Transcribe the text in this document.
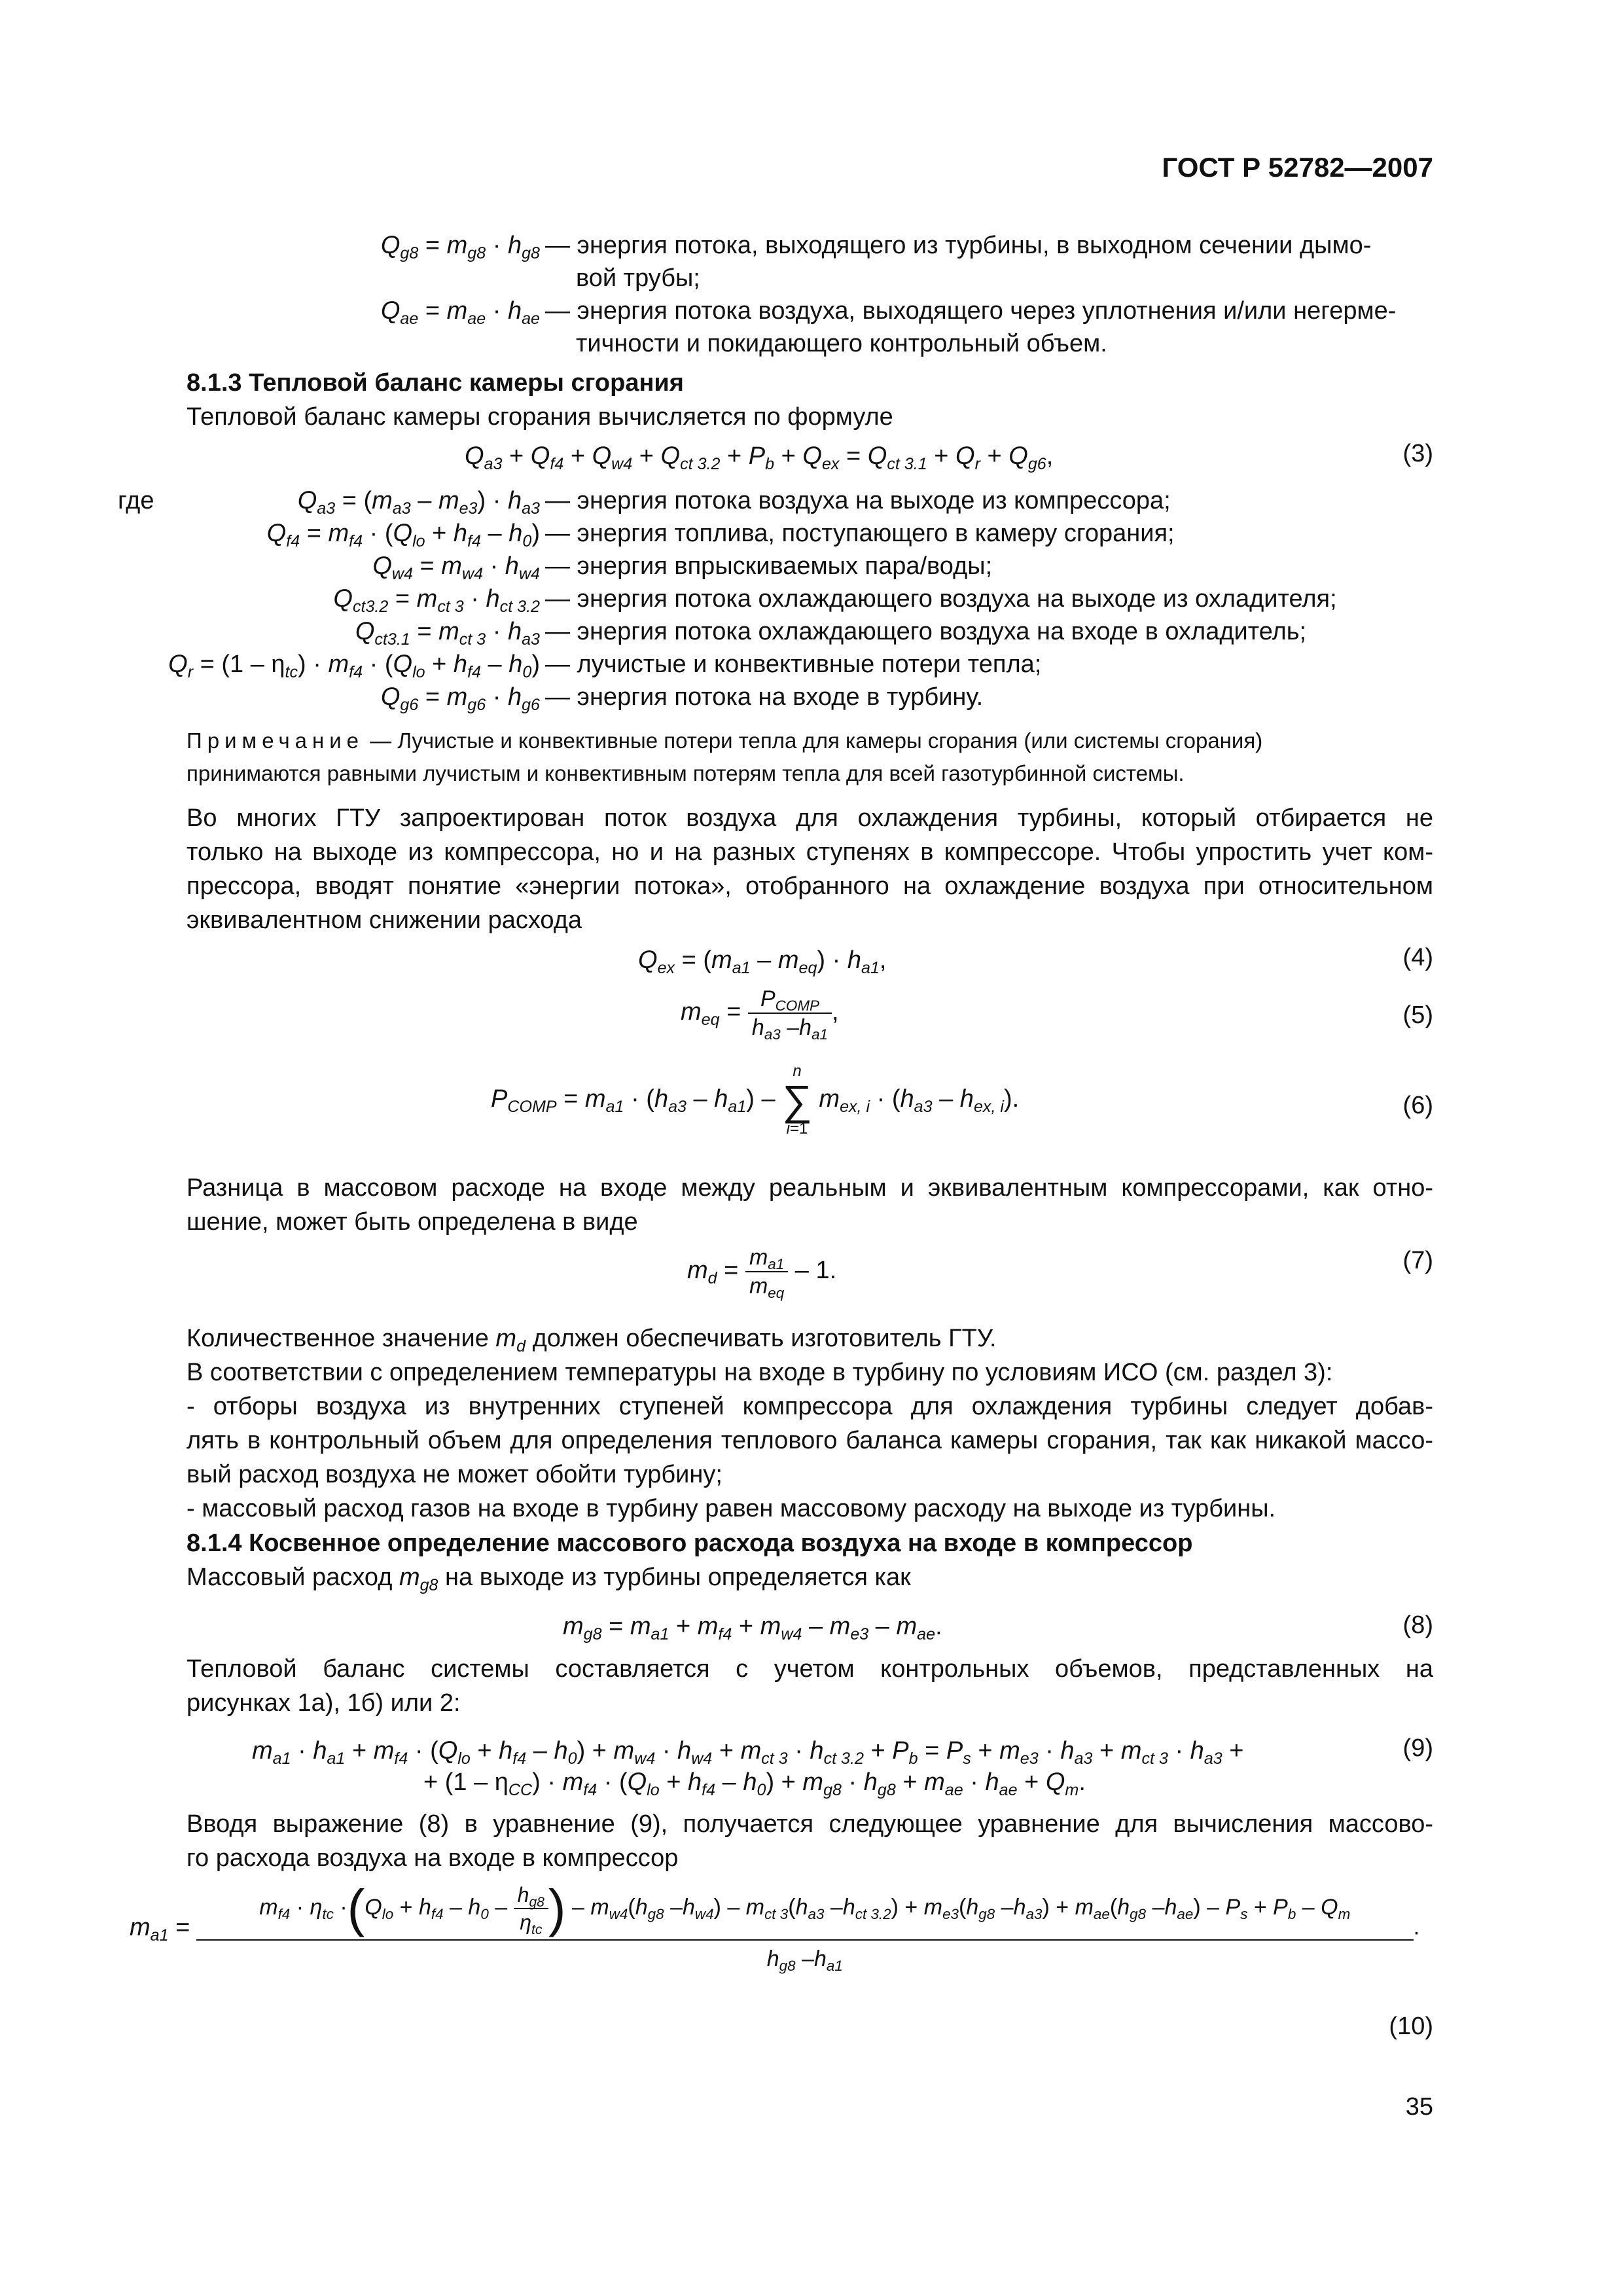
ГОСТ Р 52782—2007
$Q_{g8} = m_{g8} \cdot h_{g8}$ — энергия потока, выходящего из турбины, в выходном сечении дымо-
вой трубы;
$Q_{ae} = m_{ae} \cdot h_{ae}$ — энергия потока воздуха, выходящего через уплотнения и/или негерме-
тичности и покидающего контрольный объем.
8.1.3 Тепловой баланс камеры сгорания
Тепловой баланс камеры сгорания вычисляется по формуле
$Q_{a3} + Q_{f4} + Q_{w4} + Q_{ct 3.2} + P_b + Q_{ex} = Q_{ct 3.1} + Q_r + Q_{g6}$,	(3)
где	$Q_{a3} = (m_{a3} - m_{e3}) \cdot h_{a3}$ — энергия потока воздуха на выходе из компрессора;
$Q_{f4} = m_{f4} \cdot (Q_{lo} + h_{f4} - h_0)$ — энергия топлива, поступающего в камеру сгорания;
$Q_{w4} = m_{w4} \cdot h_{w4}$ — энергия впрыскиваемых пара/воды;
$Q_{ct3.2} = m_{ct 3} \cdot h_{ct 3.2}$ — энергия потока охлаждающего воздуха на выходе из охладителя;
$Q_{ct3.1} = m_{ct 3} \cdot h_{a3}$ — энергия потока охлаждающего воздуха на входе в охладитель;
$Q_r = (1 - \eta_{tc}) \cdot m_{f4} \cdot (Q_{lo} + h_{f4} - h_0)$ — лучистые и конвективные потери тепла;
$Q_{g6} = m_{g6} \cdot h_{g6}$ — энергия потока на входе в турбину.
Примечание — Лучистые и конвективные потери тепла для камеры сгорания (или системы сгорания)
принимаются равными лучистым и конвективным потерям тепла для всей газотурбинной системы.
Во многих ГТУ запроектирован поток воздуха для охлаждения турбины, который отбирается не
только на выходе из компрессора, но и на разных ступенях в компрессоре. Чтобы упростить учет ком-
прессора, вводят понятие «энергии потока», отобранного на охлаждение воздуха при относительном
эквивалентном снижении расхода
$Q_{ex} = (m_{a1} - m_{eq}) \cdot h_{a1}$,	(4)
$m_{eq} = \frac{P_{COMP}}{h_{a3} -h_{a1}}$ ,	(5)
$P_{COMP} = m_{a1} \cdot (h_{a3} - h_{a1})$ –
n
∑
i=1
$m_{ex, i} \cdot (h_{a3} - h_{ex, i})$.	(6)
Разница в массовом расходе на входе между реальным и эквивалентным компрессорами, как отно-
шение, может быть определена в виде
$m_d = \frac{m_{a1}}{m_{eq}} - 1$.	(7)
Количественное значение $m_d$ должен обеспечивать изготовитель ГТУ.
В соответствии с определением температуры на входе в турбину по условиям ИСО (см. раздел 3):
- отборы воздуха из внутренних ступеней компрессора для охлаждения турбины следует добав-
лять в контрольный объем для определения теплового баланса камеры сгорания, так как никакой массо-
вый расход воздуха не может обойти турбину;
- массовый расход газов на входе в турбину равен массовому расходу на выходе из турбины.
8.1.4 Косвенное определение массового расхода воздуха на входе в компрессор
Массовый расход $m_{g8}$ на выходе из турбины определяется как
$m_{g8} = m_{a1} + m_{f4} + m_{w4} - m_{e3} - m_{ae}$.	(8)
Тепловой баланс системы составляется с учетом контрольных объемов, представленных на
рисунках 1а), 1б) или 2:
$m_{a1} \cdot h_{a1} + m_{f4} \cdot (Q_{lo} + h_{f4} - h_0) + m_{w4} \cdot h_{w4} + m_{ct 3} \cdot h_{ct 3.2} + P_b = P_s + m_{e3} \cdot h_{a3} + m_{ct 3} \cdot h_{a3}$ +	(9)
+ $(1 - \eta_{CC}) \cdot m_{f4} \cdot (Q_{lo} + h_{f4} - h_0) + m_{g8} \cdot h_{g8} + m_{ae} \cdot h_{ae} + Q_m$.
Вводя выражение (8) в уравнение (9), получается следующее уравнение для вычисления массово-
го расхода воздуха на входе в компрессор
$m_{a1}$ =
$m_{f4} \cdot \eta_{tc} \cdot(Q_{lo} + h_{f4} - h_0 - \frac{h_{g8}}{\eta_{tc}}$ ) – $m_{w4}(h_{g8}$ $-h_{w4}) - m_{ct 3}(h_{a3}$ $-h_{ct 3.2}) + m_{e3}(h_{g8}$ $-h_{a3}) + m_{ae}(h_{g8}$ $-h_{ae}) - P_s + P_b - Q_m$
$h_{g8}$ $-h_{a1}$
.
(10)
35
